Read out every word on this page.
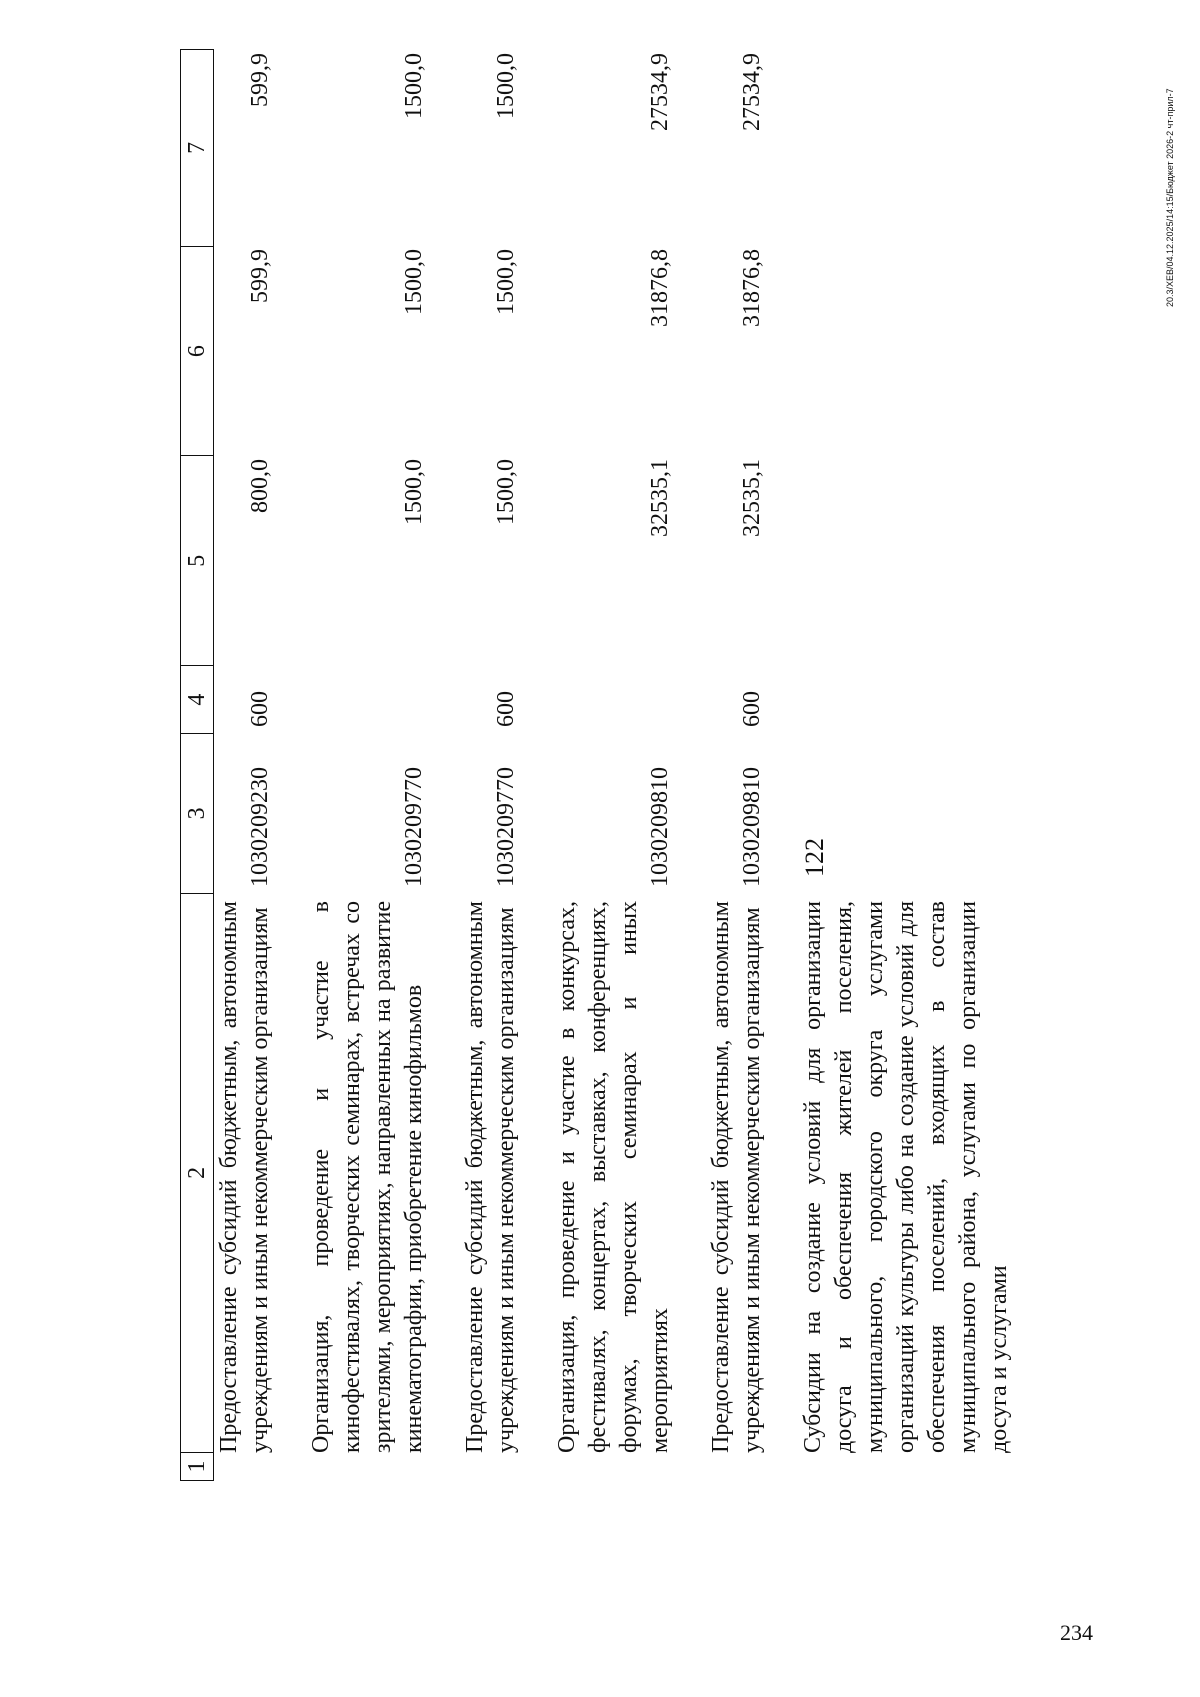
122
1
2
3
4
5
6
7
Предоставление субсидий бюджетным, автономным учреждениям и иным некоммерческим организациям
1030209230
600
800,0
599,9
599,9
Организация, проведение и участие в кинофестивалях, творческих семинарах, встречах со зрителями, мероприятиях, направленных на развитие кинематографии, приобретение кинофильмов
1030209770
1500,0
1500,0
1500,0
Предоставление субсидий бюджетным, автономным учреждениям и иным некоммерческим организациям
1030209770
600
1500,0
1500,0
1500,0
Организация, проведение и участие в конкурсах, фестивалях, концертах, выставках, конференциях, форумах, творческих семинарах и иных мероприятиях
1030209810
32535,1
31876,8
27534,9
Предоставление субсидий бюджетным, автономным учреждениям и иным некоммерческим организациям
1030209810
600
32535,1
31876,8
27534,9
Субсидии на создание условий для организации досуга и обеспечения жителей поселения, муниципального, городского округа услугами организаций культуры либо на создание условий для обеспечения поселений, входящих в состав муниципального района, услугами по организации досуга и услугами
20.3/ХЕВ/04.12.2025/14:15/Бюджет 2026-2 чт-прил-7
234
